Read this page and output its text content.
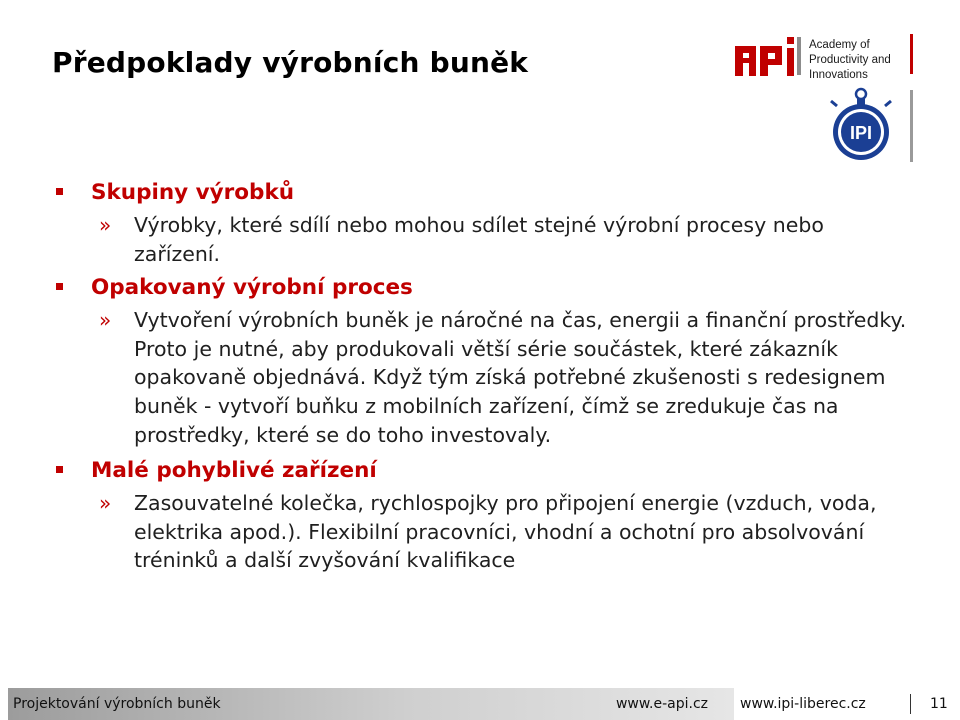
Předpoklady výrobních buněk
IPI
Academy of
Productivity and
Innovations
Skupiny výrobků
» Výrobky, které sdílí nebo mohou sdílet stejné výrobní procesy nebo zařízení.
Opakovaný výrobní proces
» Vytvoření výrobních buněk je náročné na čas, energii a finanční prostředky. Proto je nutné, aby produkovali větší série součástek, které zákazník opakovaně objednává. Když tým získá potřebné zkušenosti s redesignem buněk - vytvoří buňku z mobilních zařízení, čímž se zredukuje čas na prostředky, které se do toho investovaly.
Malé pohyblivé zařízení
» Zasouvatelné kolečka, rychlospojky pro připojení energie (vzduch, voda, elektrika apod.). Flexibilní pracovníci, vhodní a ochotní pro absolvování tréninků a další zvyšování kvalifikace
Projektování výrobních buněk	www.e-api.cz www.ipi-liberec.cz	11
